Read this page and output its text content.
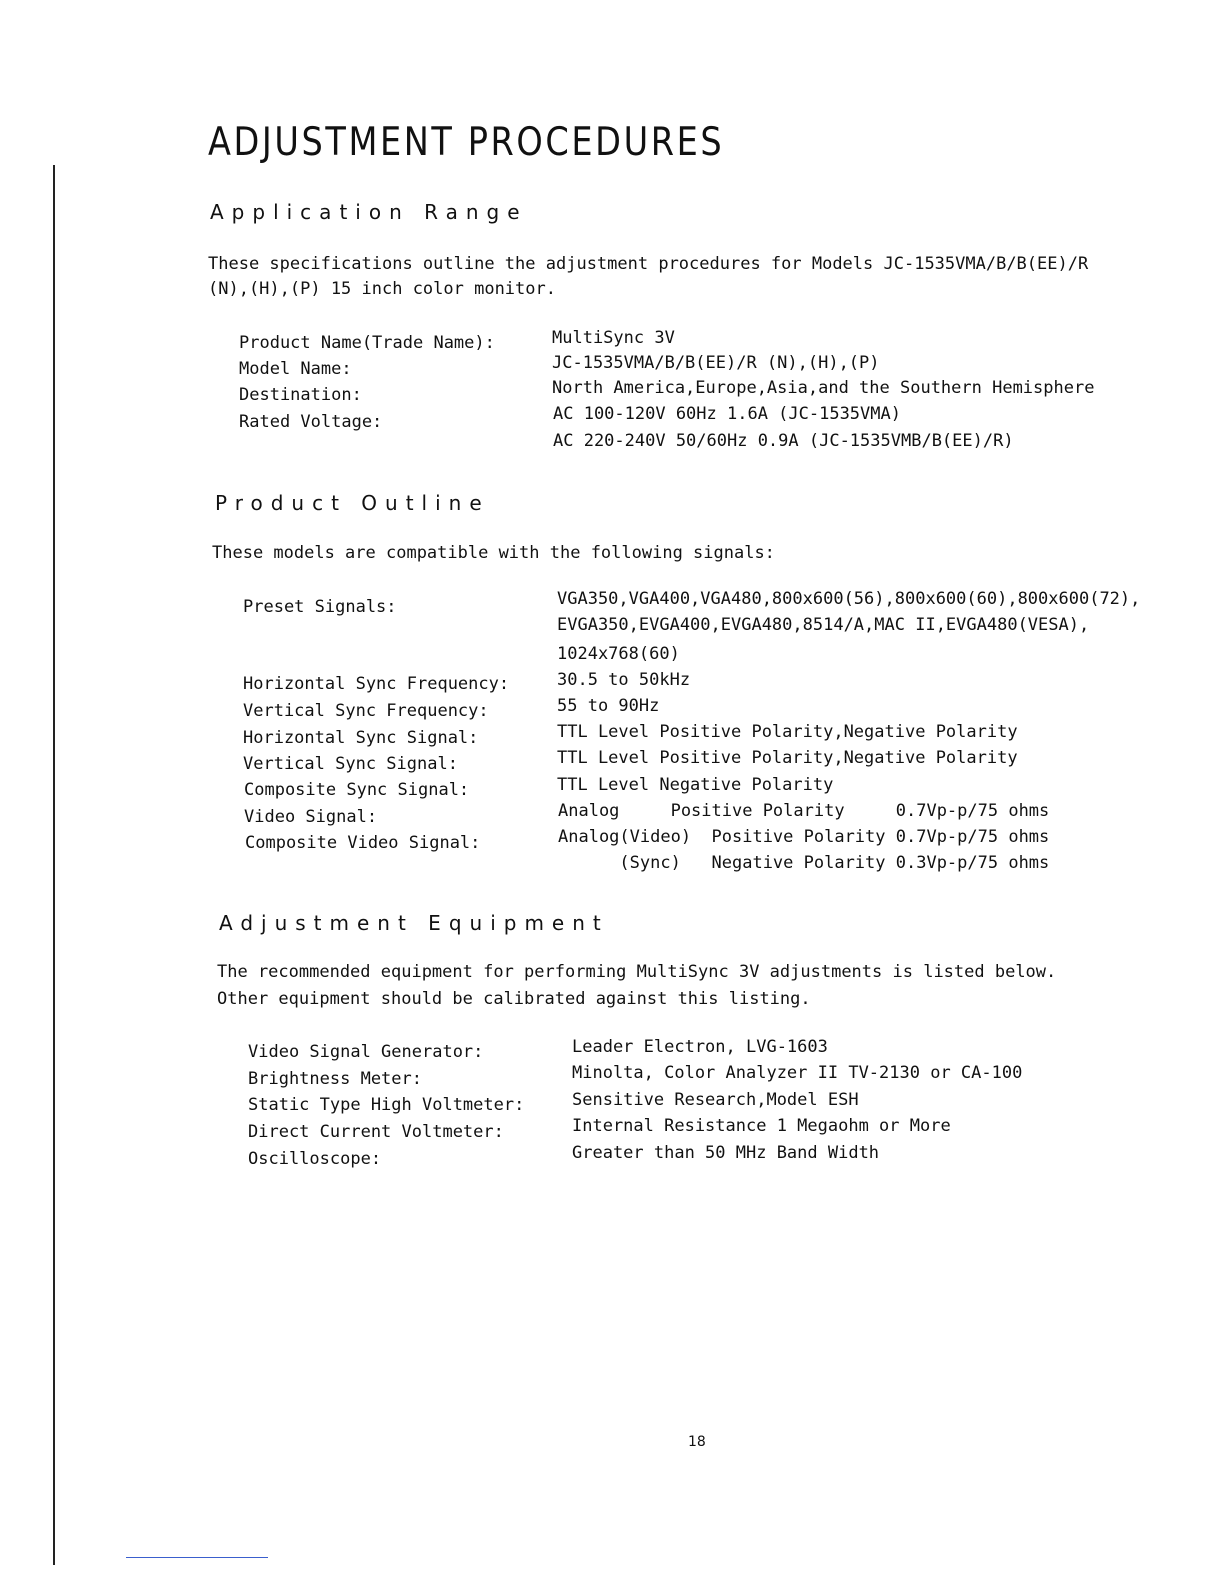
ADJUSTMENT PROCEDURES
Application Range

These specifications outline the adjustment procedures for Models JC-1535VMA/B/B(EE)/R

(N),(H),(P) 15 inch color monitor.

Product Name(Trade Name):	MultiSync 3V
Model Name:	JC-1535VMA/B/B(EE)/R (N),(H),(P)
Destination:	North America,Europe,Asia,and the Southern Hemisphere
Rated Voltage:	AC 100-120V 60Hz 1.6A (JC-1535VMA)
AC 220-240V 50/60Hz 0.9A (JC-1535VMB/B(EE)/R)
Product Outline

These models are compatible with the following signals:

Preset Signals:	VGA350,VGA400,VGA480,800x600(56),800x600(60),800x600(72),
EVGA350,EVGA400,EVGA480,8514/A,MAC II,EVGA480(VESA),
1024x768(60)
Horizontal Sync Frequency:	30.5 to 50kHz
Vertical Sync Frequency:	55 to 90Hz
Horizontal Sync Signal:	TTL Level Positive Polarity,Negative Polarity
Vertical Sync Signal:	TTL Level Positive Polarity,Negative Polarity
Composite Sync Signal:	TTL Level Negative Polarity
Video Signal:	Analog     Positive Polarity     0.7Vp-p/75 ohms
Composite Video Signal:	Analog(Video)  Positive Polarity 0.7Vp-p/75 ohms
(Sync)   Negative Polarity 0.3Vp-p/75 ohms
Adjustment Equipment

The recommended equipment for performing MultiSync 3V adjustments is listed below.

Other equipment should be calibrated against this listing.

Video Signal Generator:	Leader Electron, LVG-1603
Brightness Meter:	Minolta, Color Analyzer II TV-2130 or CA-100
Static Type High Voltmeter:	Sensitive Research,Model ESH
Direct Current Voltmeter:	Internal Resistance 1 Megaohm or More
Oscilloscope:	Greater than 50 MHz Band Width
18
